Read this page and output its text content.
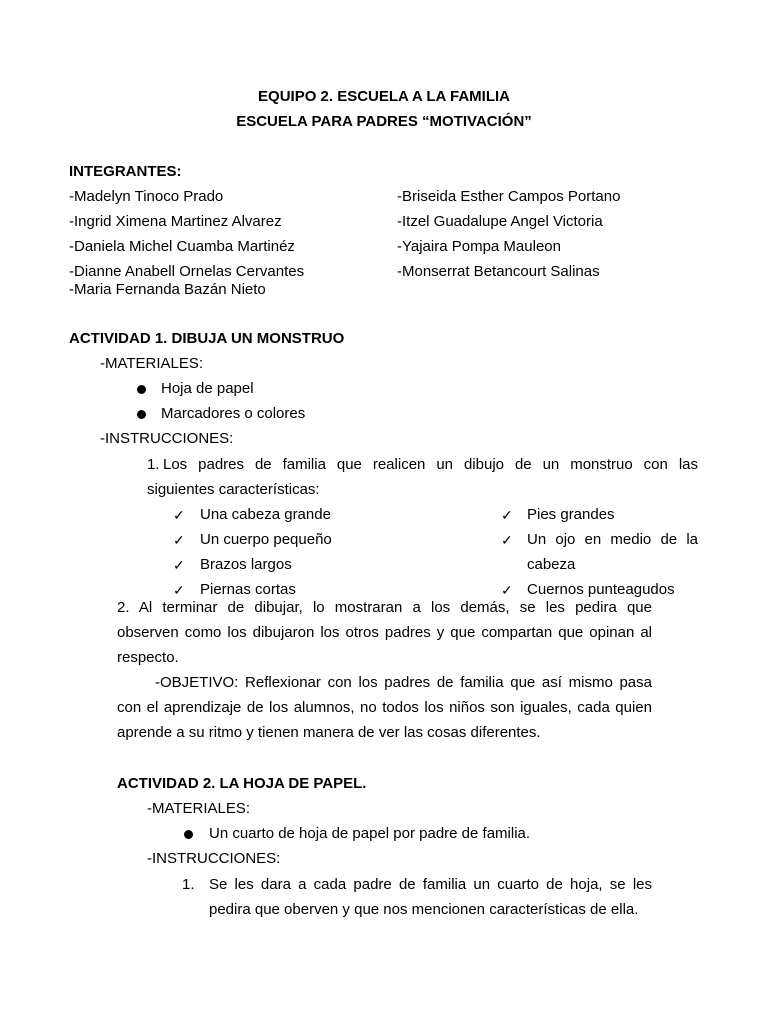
EQUIPO 2. ESCUELA A LA FAMILIA
ESCUELA PARA PADRES “MOTIVACIÓN”
INTEGRANTES:
-Madelyn Tinoco Prado
-Ingrid Ximena Martinez Alvarez
-Daniela Michel Cuamba Martinéz
-Dianne Anabell Ornelas Cervantes
-Maria Fernanda Bazán Nieto
-Briseida Esther Campos Portano
-Itzel Guadalupe Angel Victoria
-Yajaira Pompa Mauleon
-Monserrat Betancourt Salinas
ACTIVIDAD 1. DIBUJA UN MONSTRUO
-MATERIALES:
Hoja de papel
Marcadores o colores
-INSTRUCCIONES:
1. Los padres de familia que realicen un dibujo de un monstruo con las
siguientes características:
✓ Una cabeza grande
✓ Un cuerpo pequeño
✓ Brazos largos
✓ Piernas cortas
✓ Pies grandes
✓ Un ojo en medio de la
cabeza
✓ Cuernos punteagudos
2. Al terminar de dibujar, lo mostraran a los demás, se les pedira que
observen como los dibujaron los otros padres y que compartan que opinan al
respecto.
-OBJETIVO: Reflexionar con los padres de familia que así mismo pasa
con el aprendizaje de los alumnos, no todos los niños son iguales, cada quien
aprende a su ritmo y tienen manera de ver las cosas diferentes.
ACTIVIDAD 2. LA HOJA DE PAPEL.
-MATERIALES:
Un cuarto de hoja de papel por padre de familia.
-INSTRUCCIONES:
1. Se les dara a cada padre de familia un cuarto de hoja, se les
pedira que oberven y que nos mencionen características de ella.
